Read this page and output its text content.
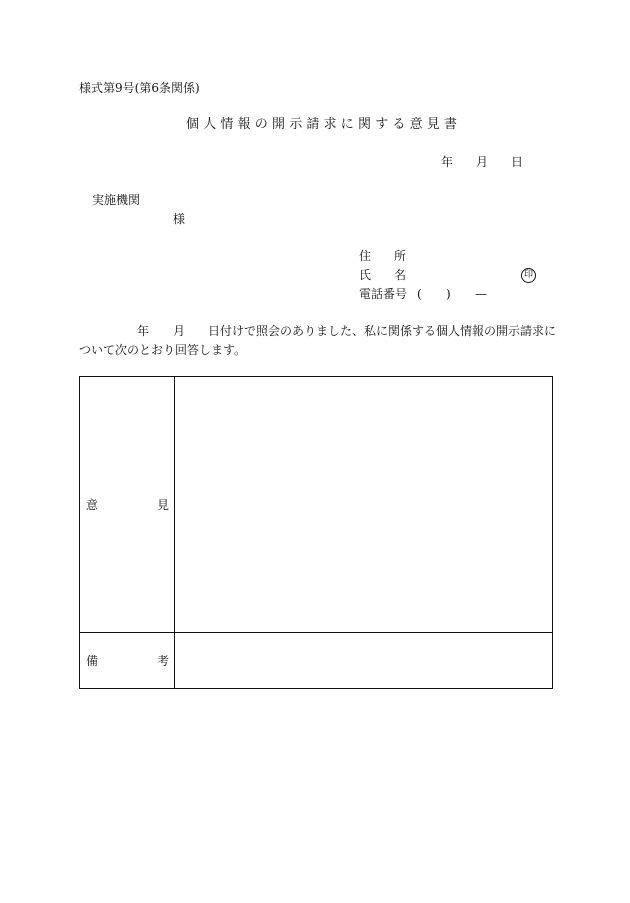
様式第9号(第6条関係)
個人情報の開示請求に関する意見書
年 月 日
実施機関
様
住 所
氏 名	印
電話番号 ( ) —
年 月 日付けで照会のありました、私に関係する個人情報の開示請求に
ついて次のとおり回答します。
意 見	

備 考	
